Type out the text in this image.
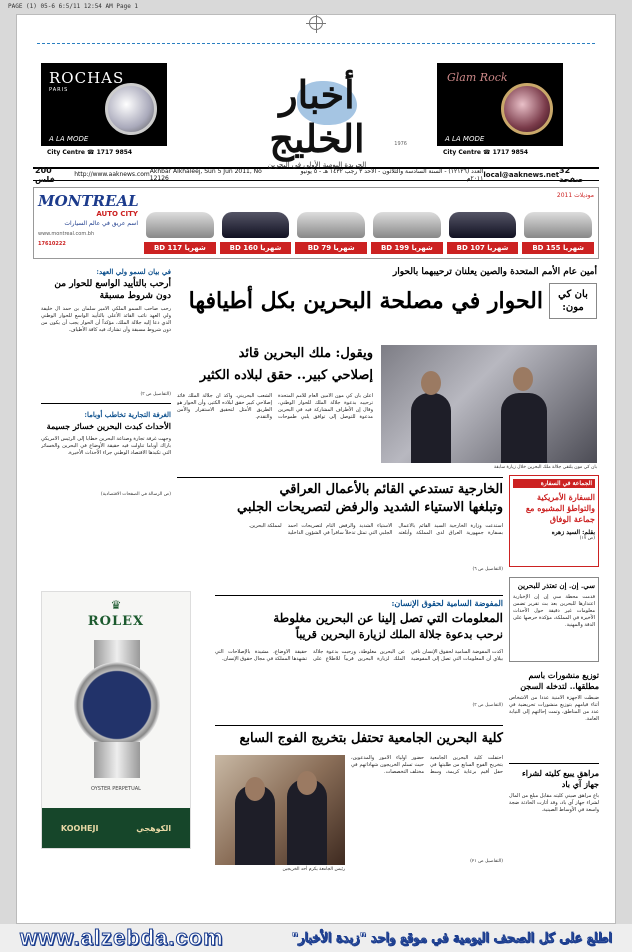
PAGE (1) 05-6 6:5/11 12:54 AM Page 1
ROCHAS
PARIS
A LA MODE
City Centre ☎ 1717 9854
Glam Rock
A LA MODE
City Centre ☎ 1717 9854
أخبار الخليج
الجريدة اليومية الأولى في البحرين
1976
200 فلس	http://www.aaknews.com Akhbar Alkhaleej, Sun 5 Jun 2011, No 12126
العدد (١٢١٢٦) - السنة السادسة والثلاثون - الأحد ٣ رجب ١٤٣٢ هـ - ٥ يونيو ٢٠١١م local@aaknews.net 32 صفحة
MONTREAL
AUTO CITY
اسم عريق في عالم السيارات
www.montreal.com.bh
17610222
موديلات 2011
BD 117 شهريا	BD 160 شهريا	BD 79 شهريا	BD 199 شهريا	BD 107 شهريا	BD 155 شهريا
أمين عام الأمم المتحدة والصين يعلنان ترحيبهما بالحوار
بان كي مون:
الحوار في مصلحة البحرين بكل أطيافها
بان كي مون يلتقي جلالة ملك البحرين خلال زيارة سابقة
ويقول: ملك البحرين قائد
إصلاحي كبير.. حقق لبلاده الكثير
أعلن بان كي مون الأمين العام للأمم المتحدة ترحيبه بدعوة جلالة الملك للحوار الوطني، وقال إن الأطراف المشاركة فيه في البحرين مدعوة للتوصل إلى توافق يلبي طموحات الشعب البحريني. وأكد أن جلالة الملك قائد إصلاحي كبير حقق لبلاده الكثير، وأن الحوار هو الطريق الأمثل لتحقيق الاستقرار والأمن والتقدم.
في بيان لسمو ولي العهد:
أرحب بالتأييد الواسع للحوار من دون شروط مسبقة
رحب صاحب السمو الملكي الأمير سلمان بن حمد آل خليفة ولي العهد نائب القائد الأعلى بالتأييد الواسع للحوار الوطني الذي دعا إليه جلالة الملك، مؤكداً أن الحوار يجب أن يكون من دون شروط مسبقة وأن تشارك فيه كافة الأطياف.
(التفاصيل ص ٣)
الغرفة التجارية تخاطب أوباما:
الأحداث كبدت البحرين خسائر جسيمة
وجهت غرفة تجارة وصناعة البحرين خطاباً إلى الرئيس الأمريكي باراك أوباما تناولت فيه حقيقة الأوضاع في البحرين والخسائر التي تكبدها الاقتصاد الوطني جراء الأحداث الأخيرة.
(ص الرسالة في الصفحات الاقتصادية)	الخارجية تستدعي القائم بالأعمال العراقي
وتبلغها الاستياء الشديد والرفض لتصريحات الجلبي
استدعت وزارة الخارجية السيد القائم بالأعمال بسفارة جمهورية العراق لدى المملكة وأبلغته الاستياء الشديد والرفض التام لتصريحات أحمد الجلبي التي تمثل تدخلاً سافراً في الشؤون الداخلية لمملكة البحرين.
(التفاصيل ص ٦)
الجماعة في السفارة
السفارة الأمريكية والتواطؤ المشبوه مع جماعة الوفاق
بقلم: السيد زهره
(ص ١٧)
المفوضة السامية لحقوق الإنسان:
المعلومات التي تصل إلينا عن البحرين مغلوطة
نرحب بدعوة جلالة الملك لزيارة البحرين قريباً
أكدت المفوضة السامية لحقوق الإنسان نافي بيلاي أن المعلومات التي تصل إلى المفوضية عن البحرين مغلوطة، ورحبت بدعوة جلالة الملك لزيارة البحرين قريباً للاطلاع على حقيقة الأوضاع، مشيدة بالإصلاحات التي تشهدها المملكة في مجال حقوق الإنسان.
(التفاصيل ص ٣)
سي. إن. إن تعتذر للبحرين
قدمت محطة سي إن إن الإخبارية اعتذارها للبحرين بعد بث تقرير تضمن معلومات غير دقيقة حول الأحداث الأخيرة في المملكة، مؤكدة حرصها على الدقة والمهنية.
توزيع منشورات باسم مطلقها.. لتدخله السجن
ضبطت الأجهزة الأمنية عدداً من الأشخاص أثناء قيامهم بتوزيع منشورات تحريضية في عدد من المناطق، وتمت إحالتهم إلى النيابة العامة.
مراهق يبيع كليته لشراء جهاز آي باد
باع مراهق صيني كليته مقابل مبلغ من المال لشراء جهاز آي باد، وقد أثارت الحادثة ضجة واسعة في الأوساط الصينية.
كلية البحرين الجامعية تحتفل بتخريج الفوج السابع
رئيس الجامعة يكرم أحد الخريجين
احتفلت كلية البحرين الجامعية بتخريج الفوج السابع من طلبتها في حفل أقيم برعاية كريمة، وسط حضور أولياء الأمور والمدعوين، حيث تسلم الخريجون شهاداتهم في مختلف التخصصات.
(التفاصيل ص ٢١)
♛
ROLEX
OYSTER PERPETUAL
KOOHEJI	الكوهجي
www.alzebda.com	اطلع على كل الصحف اليومية في موقع واحد "زبدة الأخبار"
